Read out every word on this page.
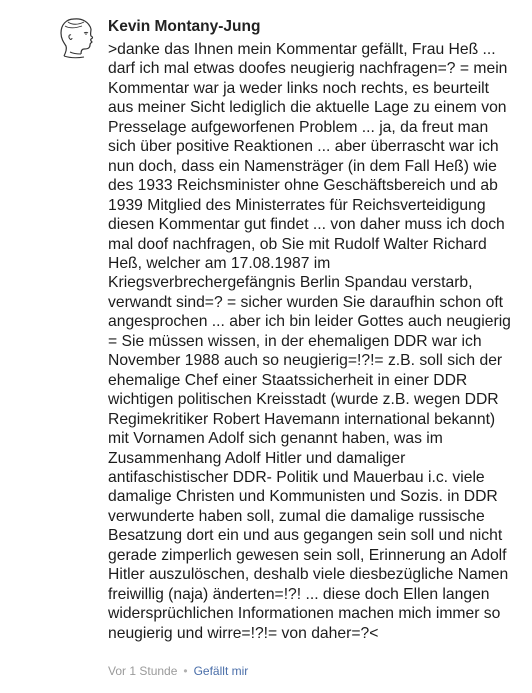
Kevin Montany-Jung
>danke das Ihnen mein Kommentar gefällt, Frau Heß ...
darf ich mal etwas doofes neugierig nachfragen=? = mein
Kommentar war ja weder links noch rechts, es beurteilt
aus meiner Sicht lediglich die aktuelle Lage zu einem von
Presselage aufgeworfenen Problem ... ja, da freut man
sich über positive Reaktionen ... aber überrascht war ich
nun doch, dass ein Namensträger (in dem Fall Heß) wie
des 1933 Reichsminister ohne Geschäftsbereich und ab
1939 Mitglied des Ministerrates für Reichsverteidigung
diesen Kommentar gut findet ... von daher muss ich doch
mal doof nachfragen, ob Sie mit Rudolf Walter Richard
Heß, welcher am 17.08.1987 im
Kriegsverbrechergefängnis Berlin Spandau verstarb,
verwandt sind=? = sicher wurden Sie daraufhin schon oft
angesprochen ... aber ich bin leider Gottes auch neugierig
= Sie müssen wissen, in der ehemaligen DDR war ich
November 1988 auch so neugierig=!?!= z.B. soll sich der
ehemalige Chef einer Staatssicherheit in einer DDR
wichtigen politischen Kreisstadt (wurde z.B. wegen DDR
Regimekritiker Robert Havemann international bekannt)
mit Vornamen Adolf sich genannt haben, was im
Zusammenhang Adolf Hitler und damaliger
antifaschistischer DDR- Politik und Mauerbau i.c. viele
damalige Christen und Kommunisten und Sozis. in DDR
verwunderte haben soll, zumal die damalige russische
Besatzung dort ein und aus gegangen sein soll und nicht
gerade zimperlich gewesen sein soll, Erinnerung an Adolf
Hitler auszulöschen, deshalb viele diesbezügliche Namen
freiwillig (naja) änderten=!?! ... diese doch Ellen langen
widersprüchlichen Informationen machen mich immer so
neugierig und wirre=!?!= von daher=?<
Vor 1 Stunde • Gefällt mir
